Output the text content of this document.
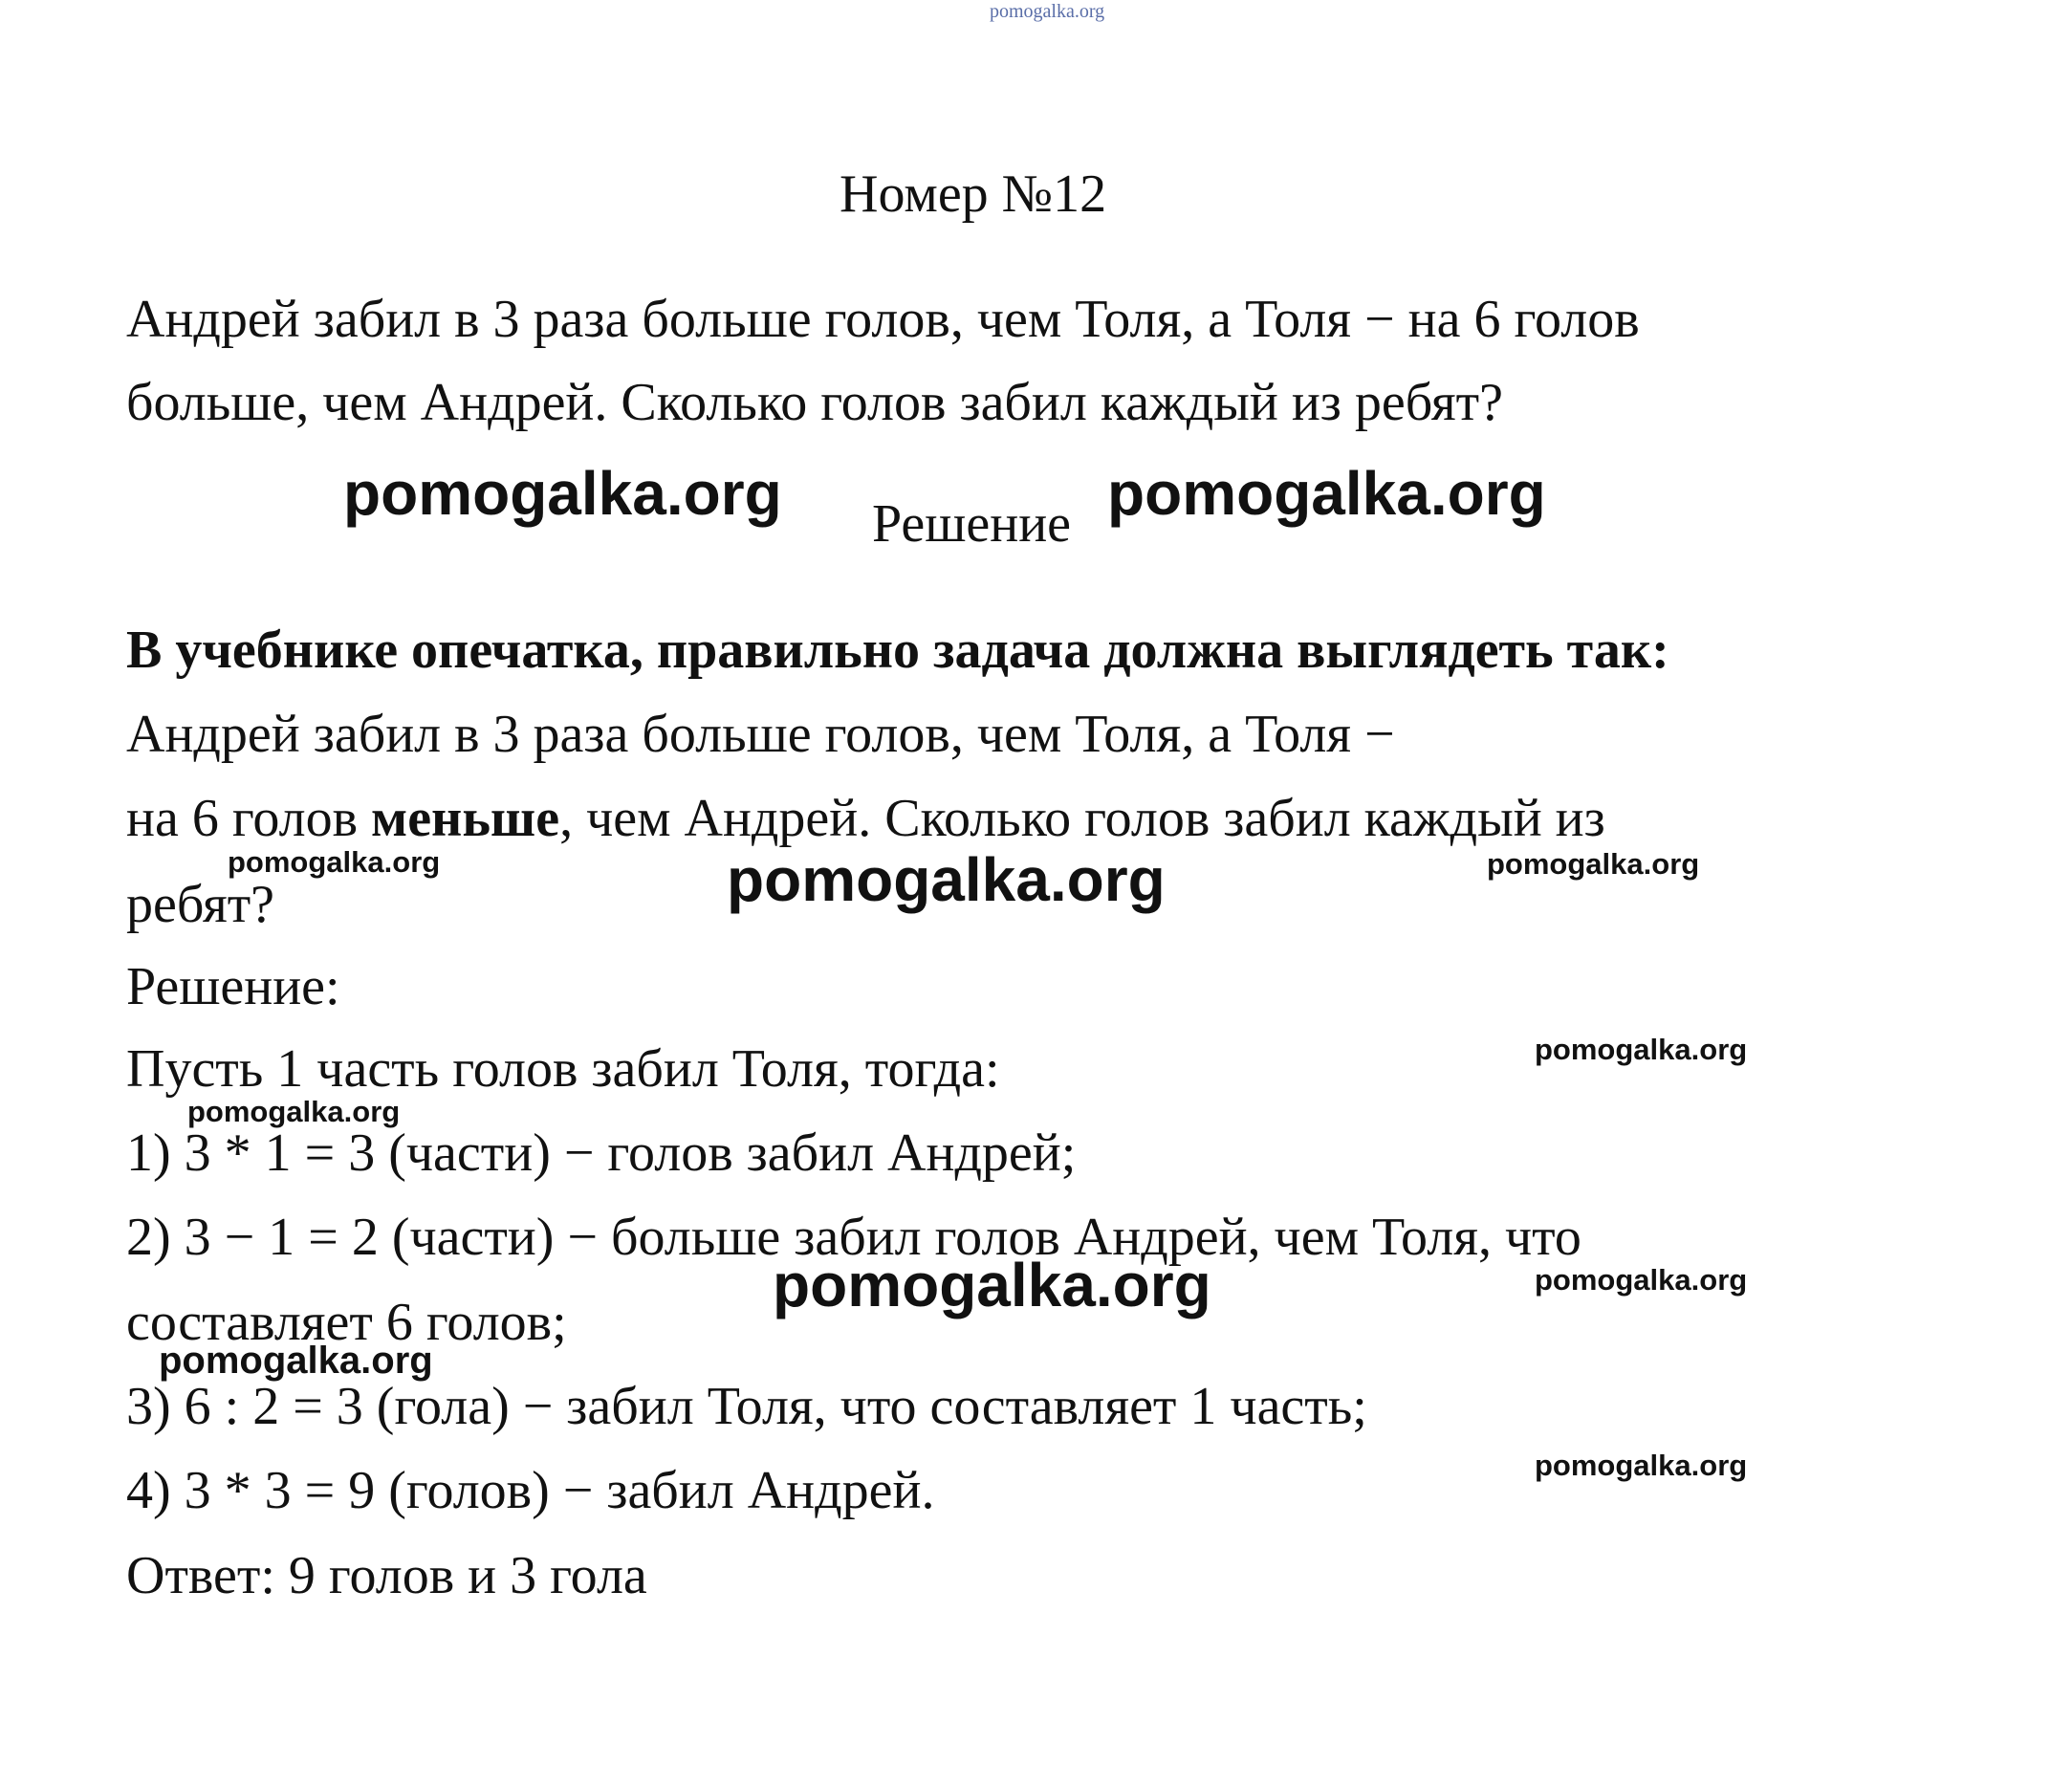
pomogalka.org
Номер №12
Андрей забил в 3 раза больше голов, чем Толя, а Толя − на 6 голов
больше, чем Андрей. Сколько голов забил каждый из ребят?
pomogalka.org Решение pomogalka.org
В учебнике опечатка, правильно задача должна выглядеть так:
Андрей забил в 3 раза больше голов, чем Толя, а Толя −
на 6 голов меньше, чем Андрей. Сколько голов забил каждый из
pomogalka.org	pomogalka.org	pomogalka.org
ребят?
Решение:
pomogalka.org
Пусть 1 часть голов забил Толя, тогда:
pomogalka.org
1) 3 * 1 = 3 (части) − голов забил Андрей;
2) 3 − 1 = 2 (части) − больше забил голов Андрей, чем Толя, что
pomogalka.org	pomogalka.org
составляет 6 голов;
pomogalka.org
3) 6 : 2 = 3 (гола) − забил Толя, что составляет 1 часть;
pomogalka.org
4) 3 * 3 = 9 (голов) − забил Андрей.
Ответ: 9 голов и 3 гола
